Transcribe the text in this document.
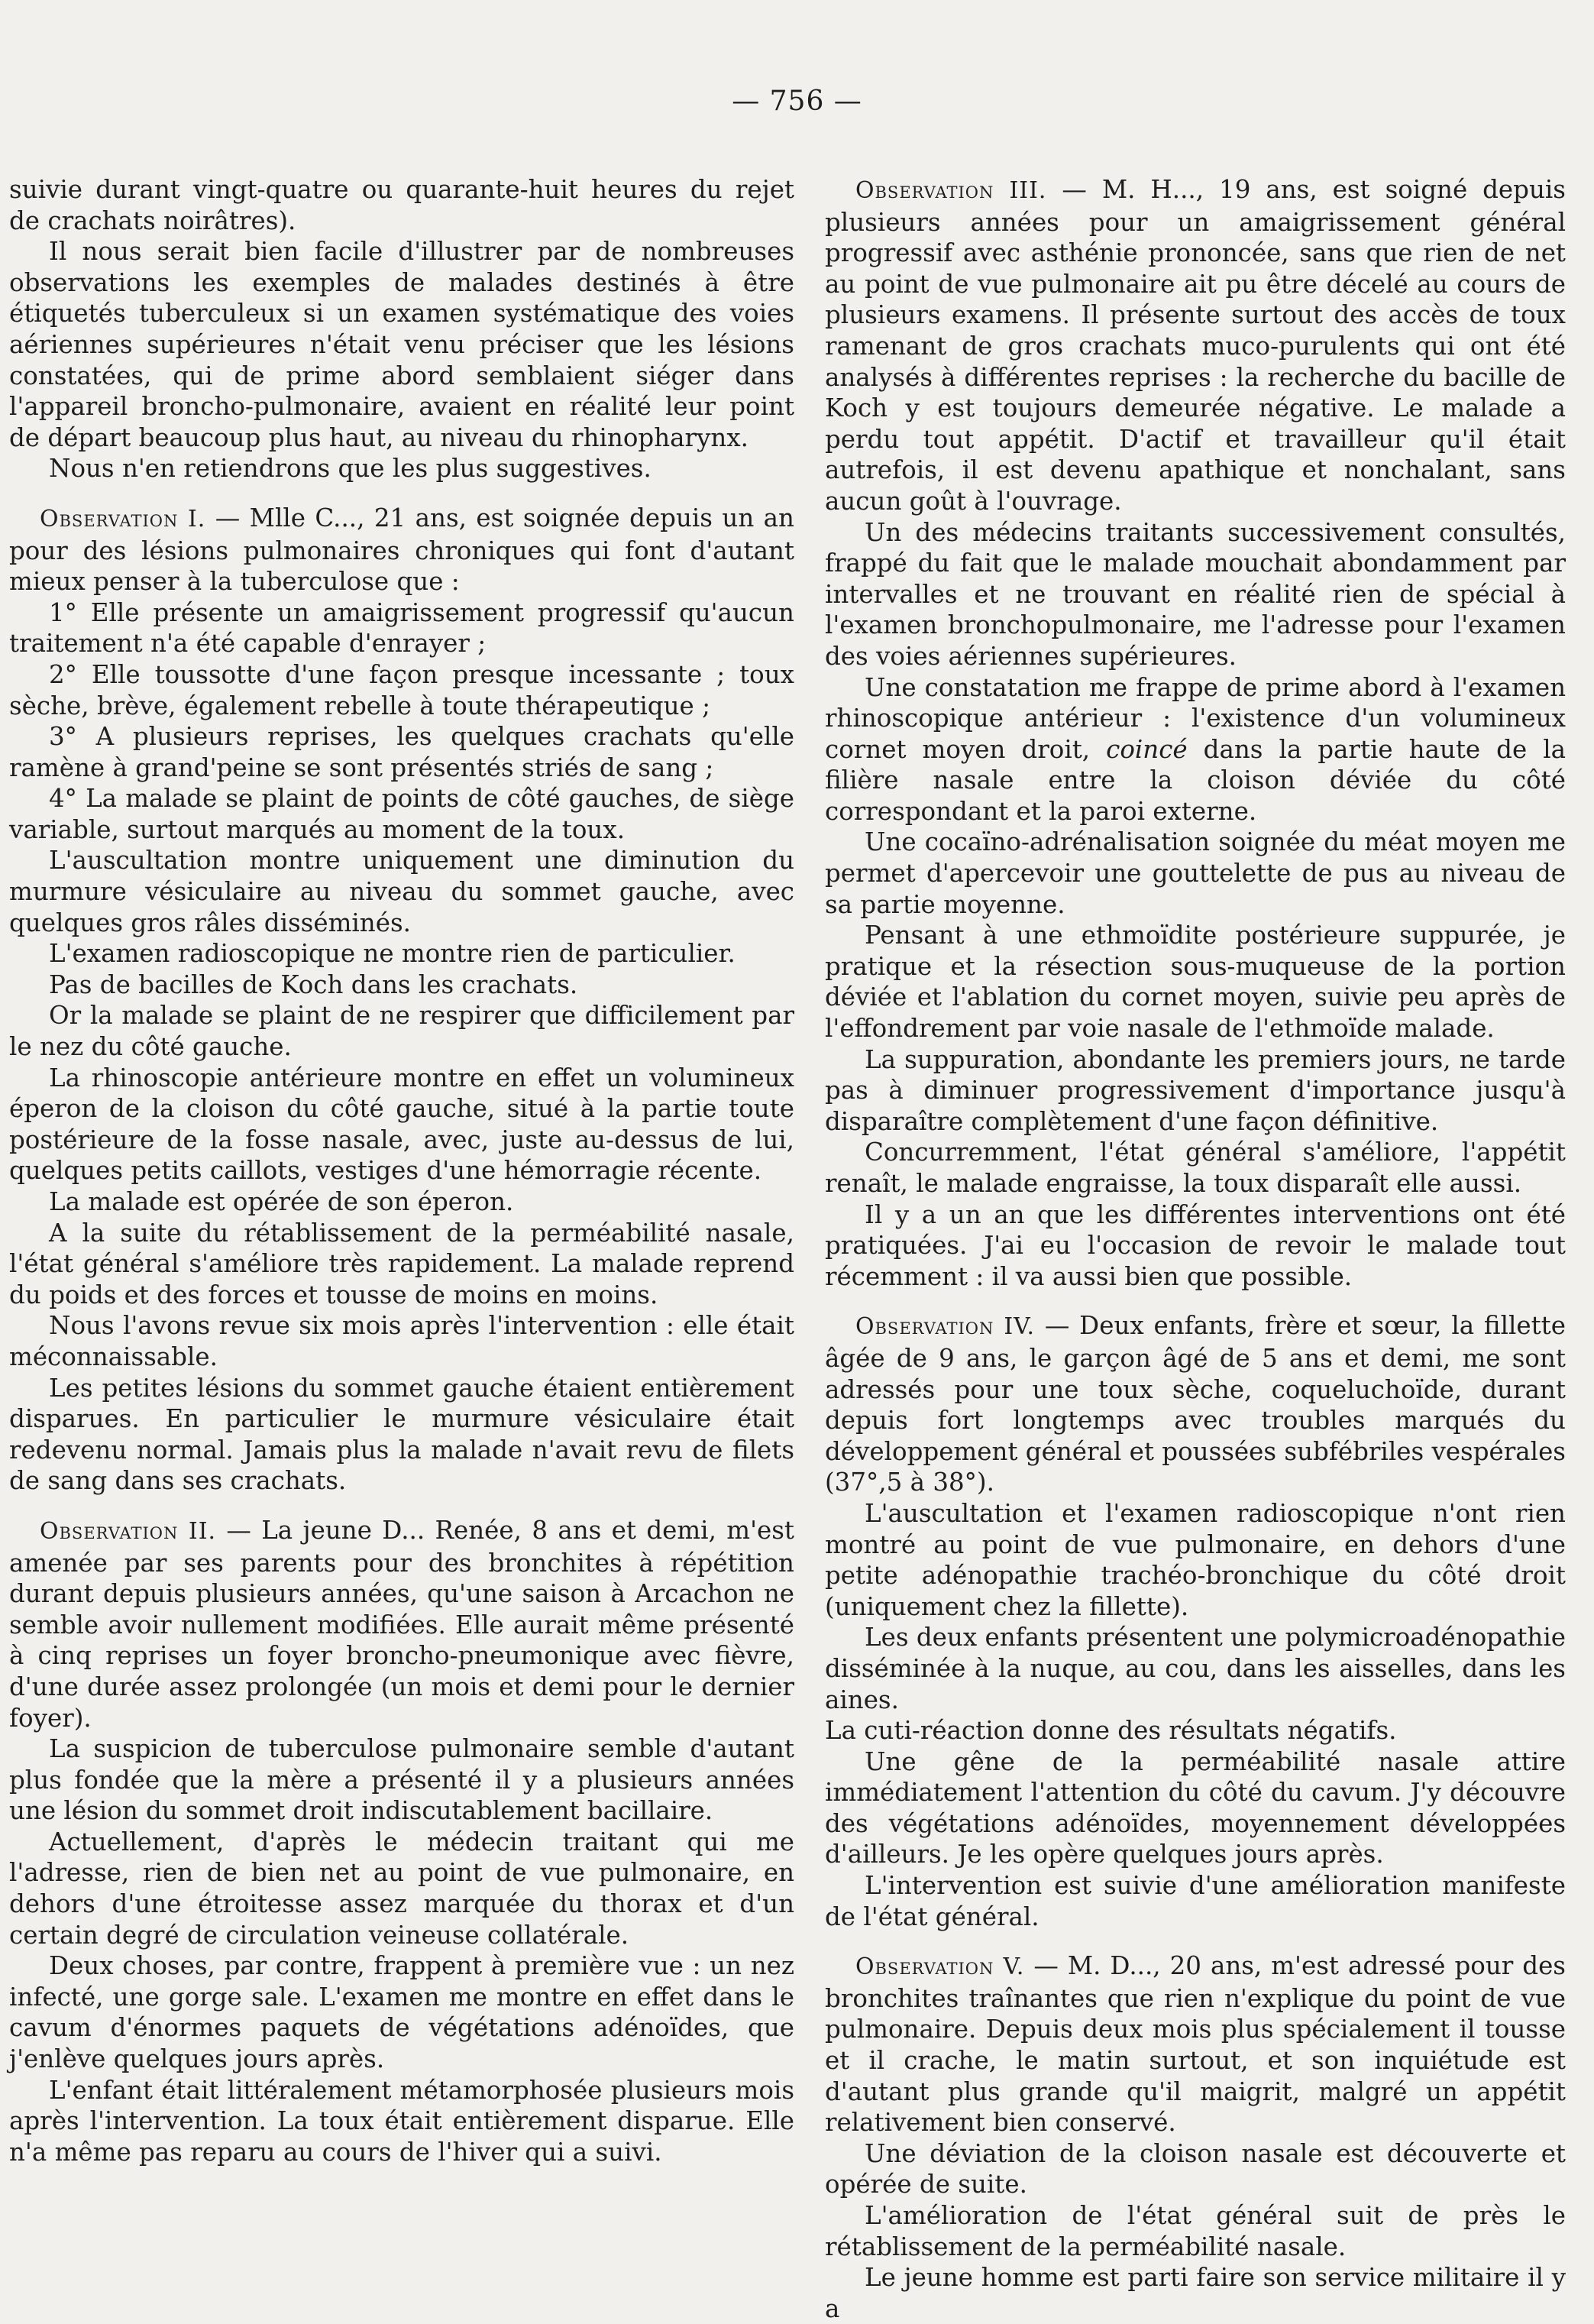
— 756 —

suivie durant vingt-quatre ou quarante-huit heures du rejet de crachats noirâtres).

Il nous serait bien facile d'illustrer par de nombreuses observations les exemples de malades destinés à être étiquetés tuberculeux si un examen systématique des voies aériennes supérieures n'était venu préciser que les lésions constatées, qui de prime abord semblaient siéger dans l'appareil broncho-pulmonaire, avaient en réalité leur point de départ beaucoup plus haut, au niveau du rhinopharynx.

Nous n'en retiendrons que les plus suggestives.

Observation I. — Mlle C..., 21 ans, est soignée depuis un an pour des lésions pulmonaires chroniques qui font d'autant mieux penser à la tuberculose que :

1° Elle présente un amaigrissement progressif qu'aucun traitement n'a été capable d'enrayer ;

2° Elle toussotte d'une façon presque incessante ; toux sèche, brève, également rebelle à toute thérapeutique ;

3° A plusieurs reprises, les quelques crachats qu'elle ramène à grand'peine se sont présentés striés de sang ;

4° La malade se plaint de points de côté gauches, de siège variable, surtout marqués au moment de la toux.

L'auscultation montre uniquement une diminution du murmure vésiculaire au niveau du sommet gauche, avec quelques gros râles disséminés.

L'examen radioscopique ne montre rien de particulier.

Pas de bacilles de Koch dans les crachats.

Or la malade se plaint de ne respirer que difficilement par le nez du côté gauche.

La rhinoscopie antérieure montre en effet un volumineux éperon de la cloison du côté gauche, situé à la partie toute postérieure de la fosse nasale, avec, juste au-dessus de lui, quelques petits caillots, vestiges d'une hémorragie récente.

La malade est opérée de son éperon.

A la suite du rétablissement de la perméabilité nasale, l'état général s'améliore très rapidement. La malade reprend du poids et des forces et tousse de moins en moins.

Nous l'avons revue six mois après l'intervention : elle était méconnaissable.

Les petites lésions du sommet gauche étaient entièrement disparues. En particulier le murmure vésiculaire était redevenu normal. Jamais plus la malade n'avait revu de filets de sang dans ses crachats.

Observation II. — La jeune D... Renée, 8 ans et demi, m'est amenée par ses parents pour des bronchites à répétition durant depuis plusieurs années, qu'une saison à Arcachon ne semble avoir nullement modifiées. Elle aurait même présenté à cinq reprises un foyer broncho-pneumonique avec fièvre, d'une durée assez prolongée (un mois et demi pour le dernier foyer).

La suspicion de tuberculose pulmonaire semble d'autant plus fondée que la mère a présenté il y a plusieurs années une lésion du sommet droit indiscutablement bacillaire.

Actuellement, d'après le médecin traitant qui me l'adresse, rien de bien net au point de vue pulmonaire, en dehors d'une étroitesse assez marquée du thorax et d'un certain degré de circulation veineuse collatérale.

Deux choses, par contre, frappent à première vue : un nez infecté, une gorge sale. L'examen me montre en effet dans le cavum d'énormes paquets de végétations adénoïdes, que j'enlève quelques jours après.

L'enfant était littéralement métamorphosée plusieurs mois après l'intervention. La toux était entièrement disparue. Elle n'a même pas reparu au cours de l'hiver qui a suivi.

Observation III. — M. H..., 19 ans, est soigné depuis plusieurs années pour un amaigrissement général progressif avec asthénie prononcée, sans que rien de net au point de vue pulmonaire ait pu être décelé au cours de plusieurs examens. Il présente surtout des accès de toux ramenant de gros crachats muco-purulents qui ont été analysés à différentes reprises : la recherche du bacille de Koch y est toujours demeurée négative. Le malade a perdu tout appétit. D'actif et travailleur qu'il était autrefois, il est devenu apathique et nonchalant, sans aucun goût à l'ouvrage.

Un des médecins traitants successivement consultés, frappé du fait que le malade mouchait abondamment par intervalles et ne trouvant en réalité rien de spécial à l'examen bronchopulmonaire, me l'adresse pour l'examen des voies aériennes supérieures.

Une constatation me frappe de prime abord à l'examen rhinoscopique antérieur : l'existence d'un volumineux cornet moyen droit, coincé dans la partie haute de la filière nasale entre la cloison déviée du côté correspondant et la paroi externe.

Une cocaïno-adrénalisation soignée du méat moyen me permet d'apercevoir une gouttelette de pus au niveau de sa partie moyenne.

Pensant à une ethmoïdite postérieure suppurée, je pratique et la résection sous-muqueuse de la portion déviée et l'ablation du cornet moyen, suivie peu après de l'effondrement par voie nasale de l'ethmoïde malade.

La suppuration, abondante les premiers jours, ne tarde pas à diminuer progressivement d'importance jusqu'à disparaître complètement d'une façon définitive.

Concurremment, l'état général s'améliore, l'appétit renaît, le malade engraisse, la toux disparaît elle aussi.

Il y a un an que les différentes interventions ont été pratiquées. J'ai eu l'occasion de revoir le malade tout récemment : il va aussi bien que possible.

Observation IV. — Deux enfants, frère et sœur, la fillette âgée de 9 ans, le garçon âgé de 5 ans et demi, me sont adressés pour une toux sèche, coqueluchoïde, durant depuis fort longtemps avec troubles marqués du développement général et poussées subfébriles vespérales (37°,5 à 38°).

L'auscultation et l'examen radioscopique n'ont rien montré au point de vue pulmonaire, en dehors d'une petite adénopathie trachéo-bronchique du côté droit (uniquement chez la fillette).

Les deux enfants présentent une polymicroadénopathie disséminée à la nuque, au cou, dans les aisselles, dans les aines.

La cuti-réaction donne des résultats négatifs.

Une gêne de la perméabilité nasale attire immédiatement l'attention du côté du cavum. J'y découvre des végétations adénoïdes, moyennement développées d'ailleurs. Je les opère quelques jours après.

L'intervention est suivie d'une amélioration manifeste de l'état général.

Observation V. — M. D..., 20 ans, m'est adressé pour des bronchites traînantes que rien n'explique du point de vue pulmonaire. Depuis deux mois plus spécialement il tousse et il crache, le matin surtout, et son inquiétude est d'autant plus grande qu'il maigrit, malgré un appétit relativement bien conservé.

Une déviation de la cloison nasale est découverte et opérée de suite.

L'amélioration de l'état général suit de près le rétablissement de la perméabilité nasale.

Le jeune homme est parti faire son service militaire il y a
